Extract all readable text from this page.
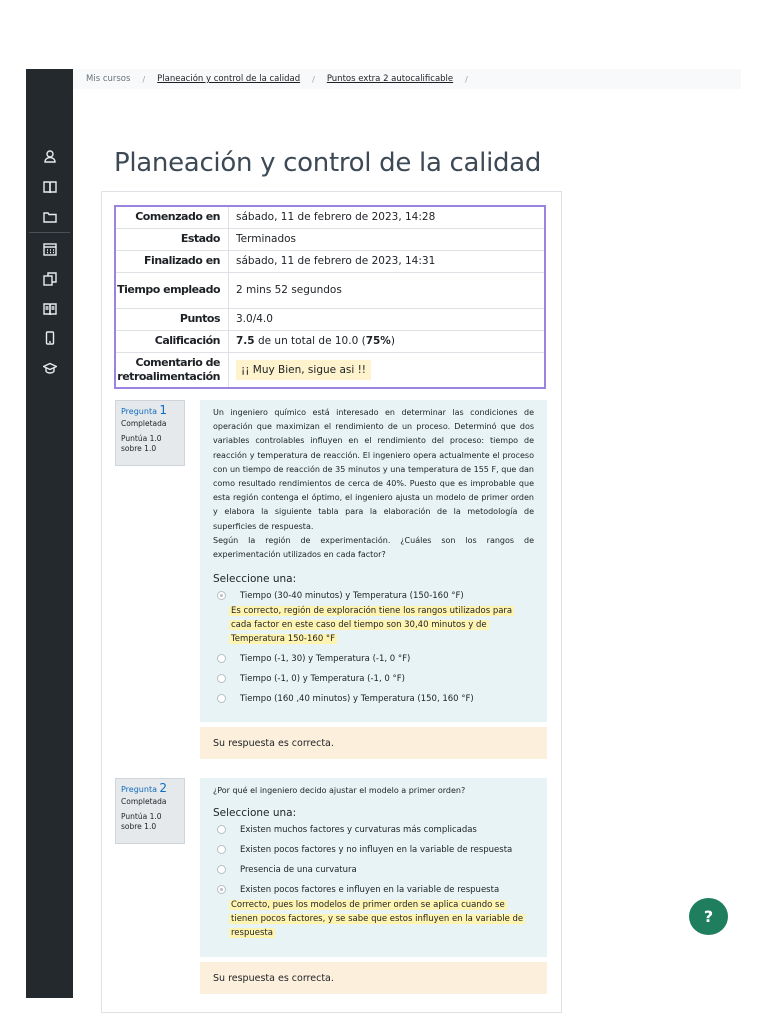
Mis cursos / Planeación y control de la calidad / Puntos extra 2 autocalificable /
Planeación y control de la calidad
Comenzado en	sábado, 11 de febrero de 2023, 14:28
Estado	Terminados
Finalizado en	sábado, 11 de febrero de 2023, 14:31
Tiempo empleado	2 mins 52 segundos
Puntos	3.0/4.0
Calificación	7.5 de un total de 10.0 (75%)
Comentario de retroalimentación	¡¡ Muy Bien, sigue asi !!
Pregunta 1
Completada
Puntúa 1.0 sobre 1.0
Un ingeniero químico está interesado en determinar las condiciones de operación que maximizan el rendimiento de un proceso. Determinó que dos variables controlables influyen en el rendimiento del proceso: tiempo de reacción y temperatura de reacción. El ingeniero opera actualmente el proceso con un tiempo de reacción de 35 minutos y una temperatura de 155 F, que dan como resultado rendimientos de cerca de 40%. Puesto que es improbable que esta región contenga el óptimo, el ingeniero ajusta un modelo de primer orden y elabora la siguiente tabla para la elaboración de la metodología de superficies de respuesta.
Según la región de experimentación. ¿Cuáles son los rangos de experimentación utilizados en cada factor?
Seleccione una:
Tiempo (30-40 minutos) y Temperatura (150-160 °F)
Es correcto, región de exploración tiene los rangos utilizados para cada factor en este caso del tiempo son 30,40 minutos y de Temperatura 150-160 °F
Tiempo (-1, 30) y Temperatura (-1, 0 °F)
Tiempo (-1, 0) y Temperatura (-1, 0 °F)
Tiempo (160 ,40 minutos) y Temperatura (150, 160 °F)
Su respuesta es correcta.
Pregunta 2
Completada
Puntúa 1.0 sobre 1.0
¿Por qué el ingeniero decido ajustar el modelo a primer orden?
Seleccione una:
Existen muchos factores y curvaturas más complicadas
Existen pocos factores y no influyen en la variable de respuesta
Presencia de una curvatura
Existen pocos factores e influyen en la variable de respuesta
Correcto, pues los modelos de primer orden se aplica cuando se tienen pocos factores, y se sabe que estos influyen en la variable de respuesta
Su respuesta es correcta.
?
